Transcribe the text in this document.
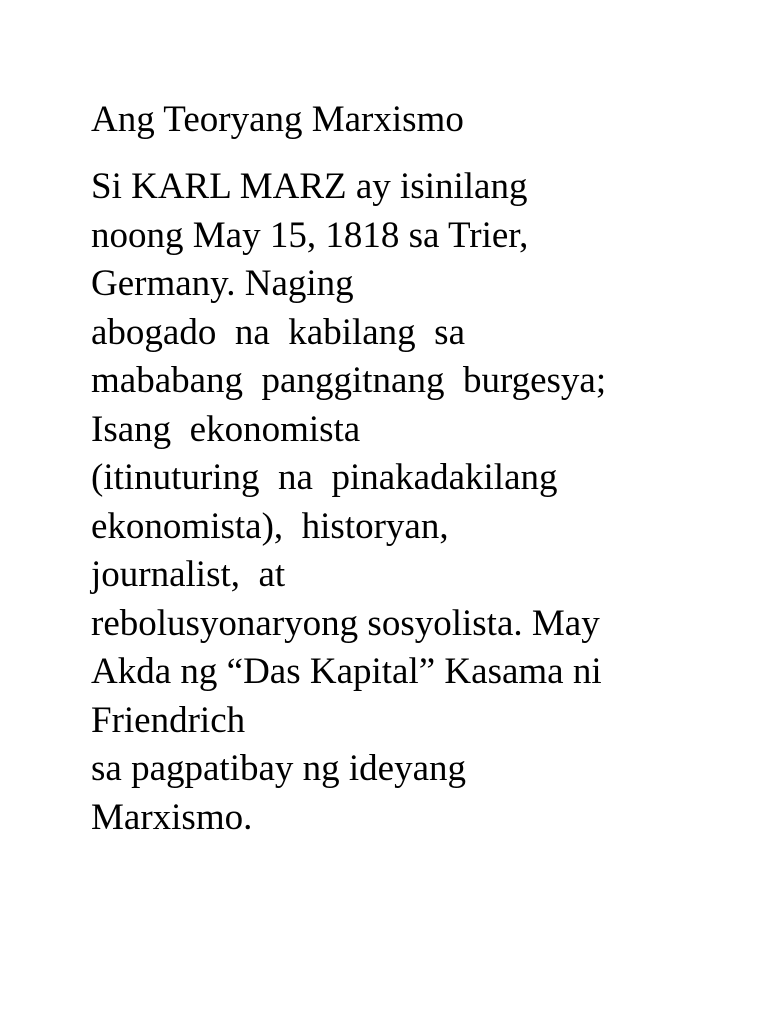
Ang Teoryang Marxismo
Si KARL MARZ ay isinilang
noong May 15, 1818 sa Trier,
Germany. Naging
abogado  na  kabilang  sa
mababang  panggitnang  burgesya;
Isang  ekonomista
(itinuturing  na  pinakadakilang
ekonomista),  historyan,
journalist,  at
rebolusyonaryong sosyolista. May
Akda ng “Das Kapital” Kasama ni
Friendrich
sa pagpatibay ng ideyang
Marxismo.
